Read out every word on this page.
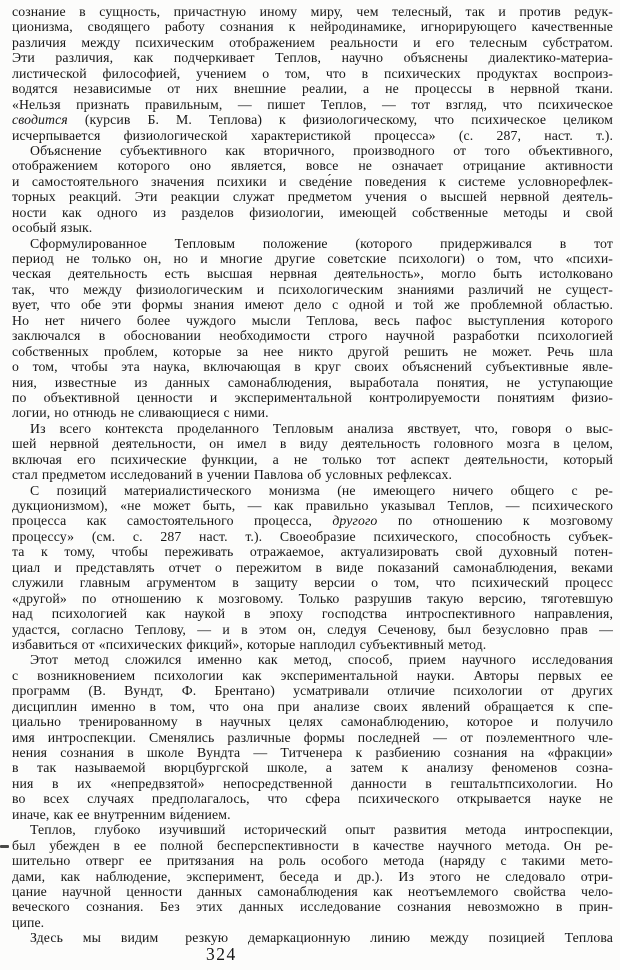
сознание в сущность, причастную иному миру, чем телесный, так и против редук-
ционизма, сводящего работу сознания к нейродинамике, игнорирующего качественные
различия между психическим отображением реальности и его телесным субстратом.
Эти различия, как подчеркивает Теплов, научно объяснены диалектико-материа-
листической философией, учением о том, что в психических продуктах воспроиз-
водятся независимые от них внешние реалии, а не процессы в нервной ткани.
«Нельзя признать правильным, — пишет Теплов, — тот взгляд, что психическое
сводится (курсив Б. М. Теплова) к физиологическому, что психическое целиком
исчерпывается физиологической характеристикой процесса» (с. 287, наст. т.).
Объяснение субъективного как вторичного, производного от того объективного,
отображением которого оно является, вовсе не означает отрицание активности
и самостоятельного значения психики и сведе́ние поведения к системе условнорефлек-
торных реакций. Эти реакции служат предметом учения о высшей нервной деятель-
ности как одного из разделов физиологии, имеющей собственные методы и свой
особый язык.
Сформулированное Тепловым положение (которого придерживался в тот
период не только он, но и многие другие советские психологи) о том, что «психи-
ческая деятельность есть высшая нервная деятельность», могло быть истолковано
так, что между физиологическим и психологическим знаниями различий не сущест-
вует, что обе эти формы знания имеют дело с одной и той же проблемной областью.
Но нет ничего более чуждого мысли Теплова, весь пафос выступления которого
заключался в обосновании необходимости строго научной разработки психологией
собственных проблем, которые за нее никто другой решить не может. Речь шла
о том, чтобы эта наука, включающая в круг своих объяснений субъективные явле-
ния, известные из данных самонаблюдения, выработала понятия, не уступающие
по объективной ценности и экспериментальной контролируемости понятиям физио-
логии, но отнюдь не сливающиеся с ними.
Из всего контекста проделанного Тепловым анализа явствует, что, говоря о выс-
шей нервной деятельности, он имел в виду деятельность головного мозга в целом,
включая его психические функции, а не только тот аспект деятельности, который
стал предметом исследований в учении Павлова об условных рефлексах.
С позиций материалистического монизма (не имеющего ничего общего с ре-
дукционизмом), «не может быть, — как правильно указывал Теплов, — психического
процесса как самостоятельного процесса, другого по отношению к мозговому
процессу» (см. с. 287 наст. т.). Своеобразие психического, способность субъек-
та к тому, чтобы переживать отражаемое, актуализировать свой духовный потен-
циал и представлять отчет о пережитом в виде показаний самонаблюдения, веками
служили главным агрументом в защиту версии о том, что психический процесс
«другой» по отношению к мозговому. Только разрушив такую версию, тяготевшую
над психологией как наукой в эпоху господства интроспективного направления,
удастся, согласно Теплову, — и в этом он, следуя Сеченову, был безусловно прав —
избавиться от «психических фикций», которые наплодил субъективный метод.
Этот метод сложился именно как метод, способ, прием научного исследования
с возникновением психологии как экспериментальной науки. Авторы первых ее
программ (В. Вундт, Ф. Брентано) усматривали отличие психологии от других
дисциплин именно в том, что она при анализе своих явлений обращается к спе-
циально тренированному в научных целях самонаблюдению, которое и получило
имя интроспекции. Сменялись различные формы последней — от поэлементного чле-
нения сознания в школе Вундта — Титченера к разбиению сознания на «фракции»
в так называемой вюрцбургской школе, а затем к анализу феноменов созна-
ния в их «непредвзятой» непосредственной данности в гештальтпсихологии. Но
во всех случаях предполагалось, что сфера психического открывается науке не
иначе, как ее внутренним ви́дением.
Теплов, глубоко изучивший исторический опыт развития метода интроспекции,
был убежден в ее полной бесперспективности в качестве научного метода. Он ре-
шительно отверг ее притязания на роль особого метода (наряду с такими мето-
дами, как наблюдение, эксперимент, беседа и др.). Из этого не следовало отри-
цание научной ценности данных самонаблюдения как неотъемлемого свойства чело-
веческого сознания. Без этих данных исследование сознания невозможно в прин-
ципе.
Здесь мы видим  резкую демаркационную линию между позицией Теплова
324
